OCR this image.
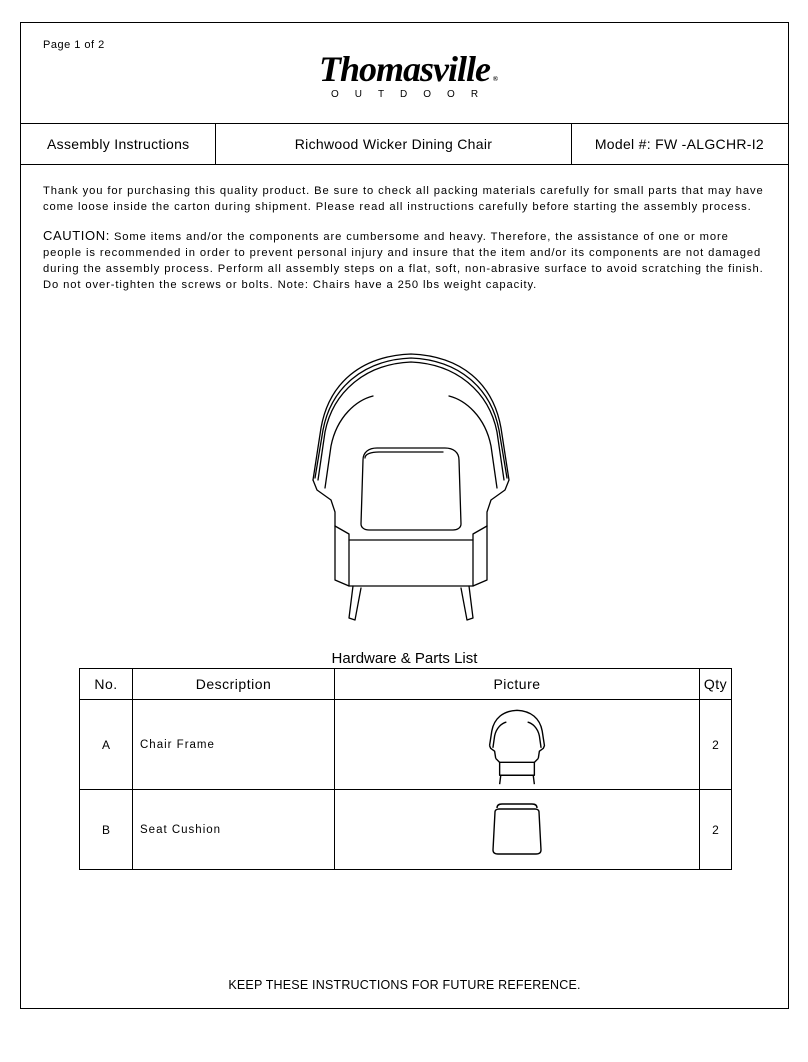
Page 1 of 2
Thomasville ®
OUTDOOR
Assembly Instructions	Richwood Wicker Dining Chair	Model #: FW -ALGCHR-I2
Thank you for purchasing this quality product. Be sure to check all packing materials carefully for small parts that may have come loose inside the carton during shipment. Please read all instructions carefully before starting the assembly process.
CAUTION: Some items and/or the components are cumbersome and heavy. Therefore, the assistance of one or more people is recommended in order to prevent personal injury and insure that the item and/or its components are not damaged during the assembly process. Perform all assembly steps on a flat, soft, non-abrasive surface to avoid scratching the finish. Do not over-tighten the screws or bolts. Note: Chairs have a 250 lbs weight capacity.
Hardware & Parts List
No.	Description	Picture	Qty
A	Chair Frame		2
B	Seat Cushion		2
KEEP THESE INSTRUCTIONS FOR FUTURE REFERENCE.
